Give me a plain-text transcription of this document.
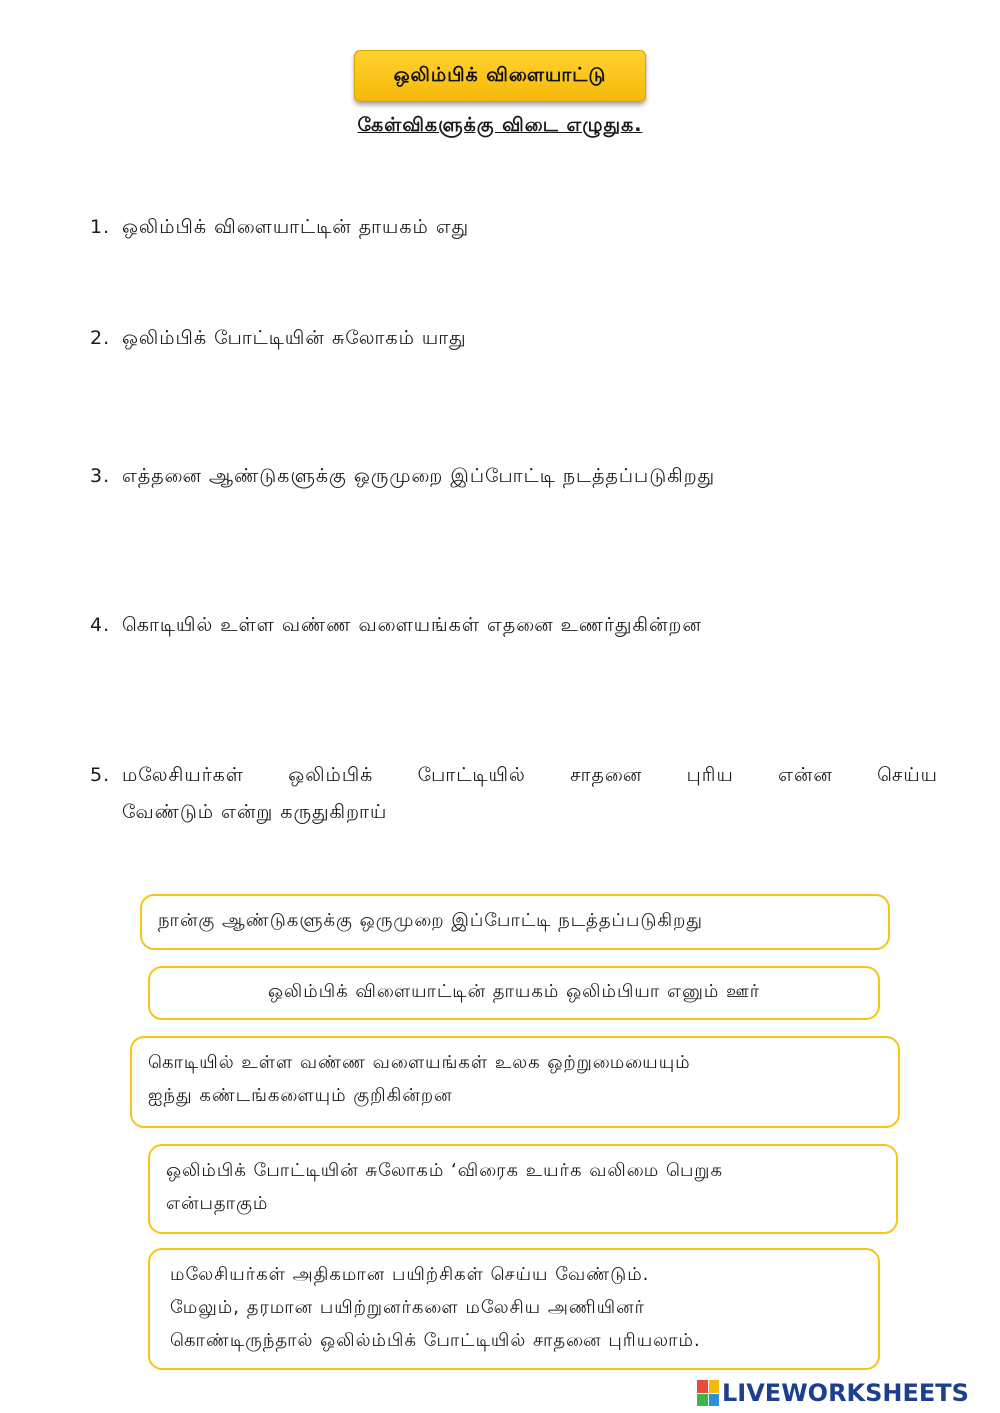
ஒலிம்பிக் விளையாட்டு
கேள்விகளுக்கு விடை எழுதுக.
1. ஒலிம்பிக் விளையாட்டின் தாயகம் எது
2. ஒலிம்பிக் போட்டியின் சுலோகம் யாது
3. எத்தனை ஆண்டுகளுக்கு ஒருமுறை இப்போட்டி நடத்தப்படுகிறது
4. கொடியில் உள்ள வண்ண வளையங்கள் எதனை உணர்துகின்றன
5. மலேசியர்கள் ஒலிம்பிக் போட்டியில் சாதனை புரிய என்ன செய்ய
வேண்டும் என்று கருதுகிறாய்
நான்கு ஆண்டுகளுக்கு ஒருமுறை இப்போட்டி நடத்தப்படுகிறது
ஒலிம்பிக் விளையாட்டின் தாயகம் ஒலிம்பியா எனும் ஊர்
கொடியில் உள்ள வண்ண வளையங்கள் உலக ஒற்றுமையையும்
ஐந்து கண்டங்களையும் குறிகின்றன
ஒலிம்பிக் போட்டியின் சுலோகம் ‘விரைக உயர்க வலிமை பெறுக
என்பதாகும்
மலேசியர்கள் அதிகமான பயிற்சிகள் செய்ய வேண்டும்.
மேலும், தரமான பயிற்றுனர்களை மலேசிய அணியினர்
கொண்டிருந்தால் ஒலில்ம்பிக் போட்டியில் சாதனை புரியலாம்.
LIVEWORKSHEETS
